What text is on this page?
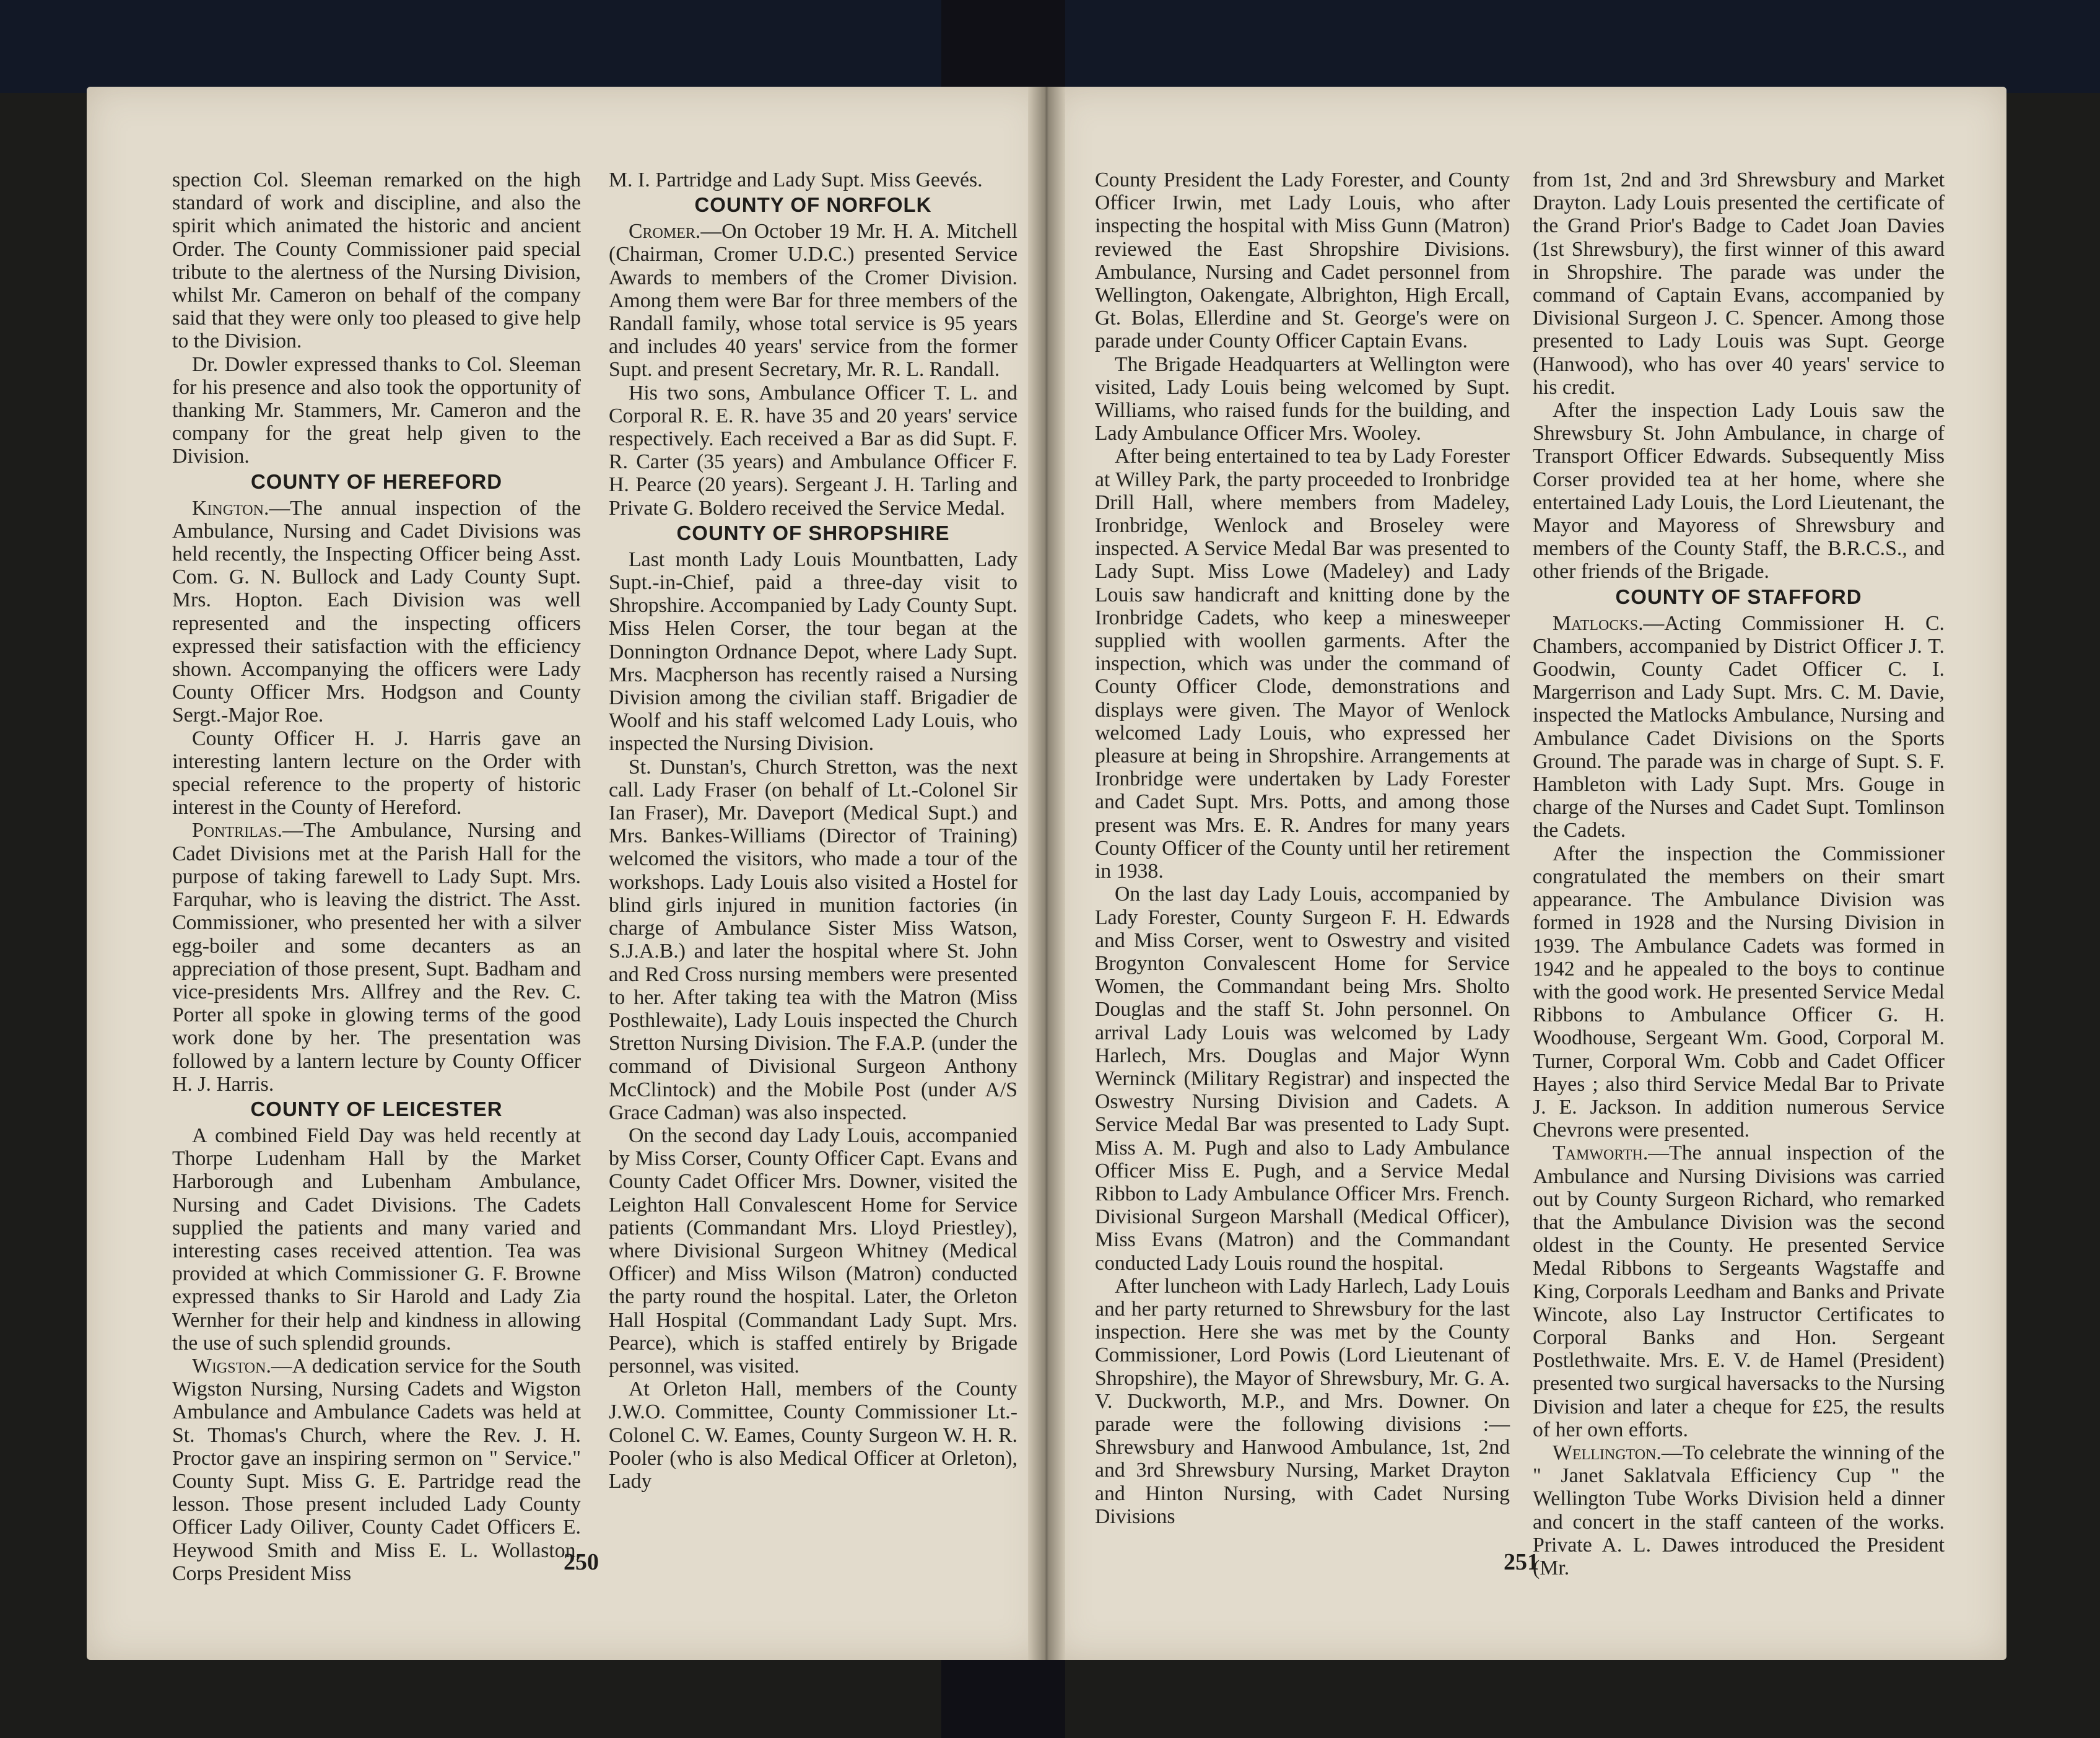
spection Col. Sleeman remarked on the high standard of work and discipline, and also the spirit which animated the historic and ancient Order. The County Commissioner paid special tribute to the alertness of the Nursing Division, whilst Mr. Cameron on behalf of the company said that they were only too pleased to give help to the Division.

Dr. Dowler expressed thanks to Col. Sleeman for his presence and also took the opportunity of thanking Mr. Stammers, Mr. Cameron and the company for the great help given to the Division.

COUNTY OF HEREFORD

Kington.—The annual inspection of the Ambulance, Nursing and Cadet Divisions was held recently, the Inspecting Officer being Asst. Com. G. N. Bullock and Lady County Supt. Mrs. Hopton. Each Division was well represented and the inspecting officers expressed their satisfaction with the efficiency shown. Accompanying the officers were Lady County Officer Mrs. Hodgson and County Sergt.-Major Roe.

County Officer H. J. Harris gave an interesting lantern lecture on the Order with special reference to the property of historic interest in the County of Hereford.

Pontrilas.—The Ambulance, Nursing and Cadet Divisions met at the Parish Hall for the purpose of taking farewell to Lady Supt. Mrs. Farquhar, who is leaving the district. The Asst. Commissioner, who presented her with a silver egg-boiler and some decanters as an appreciation of those present, Supt. Badham and vice-presidents Mrs. Allfrey and the Rev. C. Porter all spoke in glowing terms of the good work done by her. The presentation was followed by a lantern lecture by County Officer H. J. Harris.

COUNTY OF LEICESTER

A combined Field Day was held recently at Thorpe Ludenham Hall by the Market Harborough and Lubenham Ambulance, Nursing and Cadet Divisions. The Cadets supplied the patients and many varied and interesting cases received attention. Tea was provided at which Commissioner G. F. Browne expressed thanks to Sir Harold and Lady Zia Wernher for their help and kindness in allowing the use of such splendid grounds.

Wigston.—A dedication service for the South Wigston Nursing, Nursing Cadets and Wigston Ambulance and Ambulance Cadets was held at St. Thomas's Church, where the Rev. J. H. Proctor gave an inspiring sermon on " Service." County Supt. Miss G. E. Partridge read the lesson. Those present included Lady County Officer Lady Oiliver, County Cadet Officers E. Heywood Smith and Miss E. L. Wollaston, Corps President Miss

M. I. Partridge and Lady Supt. Miss Geevés.

COUNTY OF NORFOLK

Cromer.—On October 19 Mr. H. A. Mitchell (Chairman, Cromer U.D.C.) presented Service Awards to members of the Cromer Division. Among them were Bar for three members of the Randall family, whose total service is 95 years and includes 40 years' service from the former Supt. and present Secretary, Mr. R. L. Randall.

His two sons, Ambulance Officer T. L. and Corporal R. E. R. have 35 and 20 years' service respectively. Each received a Bar as did Supt. F. R. Carter (35 years) and Ambulance Officer F. H. Pearce (20 years). Sergeant J. H. Tarling and Private G. Boldero received the Service Medal.

COUNTY OF SHROPSHIRE

Last month Lady Louis Mountbatten, Lady Supt.-in-Chief, paid a three-day visit to Shropshire. Accompanied by Lady County Supt. Miss Helen Corser, the tour began at the Donnington Ordnance Depot, where Lady Supt. Mrs. Macpherson has recently raised a Nursing Division among the civilian staff. Brigadier de Woolf and his staff welcomed Lady Louis, who inspected the Nursing Division.

St. Dunstan's, Church Stretton, was the next call. Lady Fraser (on behalf of Lt.-Colonel Sir Ian Fraser), Mr. Daveport (Medical Supt.) and Mrs. Bankes-Williams (Director of Training) welcomed the visitors, who made a tour of the workshops. Lady Louis also visited a Hostel for blind girls injured in munition factories (in charge of Ambulance Sister Miss Watson, S.J.A.B.) and later the hospital where St. John and Red Cross nursing members were presented to her. After taking tea with the Matron (Miss Posthlewaite), Lady Louis inspected the Church Stretton Nursing Division. The F.A.P. (under the command of Divisional Surgeon Anthony McClintock) and the Mobile Post (under A/S Grace Cadman) was also inspected.

On the second day Lady Louis, accompanied by Miss Corser, County Officer Capt. Evans and County Cadet Officer Mrs. Downer, visited the Leighton Hall Convalescent Home for Service patients (Commandant Mrs. Lloyd Priestley), where Divisional Surgeon Whitney (Medical Officer) and Miss Wilson (Matron) conducted the party round the hospital. Later, the Orleton Hall Hospital (Commandant Lady Supt. Mrs. Pearce), which is staffed entirely by Brigade personnel, was visited.

At Orleton Hall, members of the County J.W.O. Committee, County Commissioner Lt.-Colonel C. W. Eames, County Surgeon W. H. R. Pooler (who is also Medical Officer at Orleton), Lady

County President the Lady Forester, and County Officer Irwin, met Lady Louis, who after inspecting the hospital with Miss Gunn (Matron) reviewed the East Shropshire Divisions. Ambulance, Nursing and Cadet personnel from Wellington, Oakengate, Albrighton, High Ercall, Gt. Bolas, Ellerdine and St. George's were on parade under County Officer Captain Evans.

The Brigade Headquarters at Wellington were visited, Lady Louis being welcomed by Supt. Williams, who raised funds for the building, and Lady Ambulance Officer Mrs. Wooley.

After being entertained to tea by Lady Forester at Willey Park, the party proceeded to Ironbridge Drill Hall, where members from Madeley, Ironbridge, Wenlock and Broseley were inspected. A Service Medal Bar was presented to Lady Supt. Miss Lowe (Madeley) and Lady Louis saw handicraft and knitting done by the Ironbridge Cadets, who keep a minesweeper supplied with woollen garments. After the inspection, which was under the command of County Officer Clode, demonstrations and displays were given. The Mayor of Wenlock welcomed Lady Louis, who expressed her pleasure at being in Shropshire. Arrangements at Ironbridge were undertaken by Lady Forester and Cadet Supt. Mrs. Potts, and among those present was Mrs. E. R. Andres for many years County Officer of the County until her retirement in 1938.

On the last day Lady Louis, accompanied by Lady Forester, County Surgeon F. H. Edwards and Miss Corser, went to Oswestry and visited Brogynton Convalescent Home for Service Women, the Commandant being Mrs. Sholto Douglas and the staff St. John personnel. On arrival Lady Louis was welcomed by Lady Harlech, Mrs. Douglas and Major Wynn Werninck (Military Registrar) and inspected the Oswestry Nursing Division and Cadets. A Service Medal Bar was presented to Lady Supt. Miss A. M. Pugh and also to Lady Ambulance Officer Miss E. Pugh, and a Service Medal Ribbon to Lady Ambulance Officer Mrs. French. Divisional Surgeon Marshall (Medical Officer), Miss Evans (Matron) and the Commandant conducted Lady Louis round the hospital.

After luncheon with Lady Harlech, Lady Louis and her party returned to Shrewsbury for the last inspection. Here she was met by the County Commissioner, Lord Powis (Lord Lieutenant of Shropshire), the Mayor of Shrewsbury, Mr. G. A. V. Duckworth, M.P., and Mrs. Downer. On parade were the following divisions :—Shrewsbury and Hanwood Ambulance, 1st, 2nd and 3rd Shrewsbury Nursing, Market Drayton and Hinton Nursing, with Cadet Nursing Divisions

from 1st, 2nd and 3rd Shrewsbury and Market Drayton. Lady Louis presented the certificate of the Grand Prior's Badge to Cadet Joan Davies (1st Shrewsbury), the first winner of this award in Shropshire. The parade was under the command of Captain Evans, accompanied by Divisional Surgeon J. C. Spencer. Among those presented to Lady Louis was Supt. George (Hanwood), who has over 40 years' service to his credit.

After the inspection Lady Louis saw the Shrewsbury St. John Ambulance, in charge of Transport Officer Edwards. Subsequently Miss Corser provided tea at her home, where she entertained Lady Louis, the Lord Lieutenant, the Mayor and Mayoress of Shrewsbury and members of the County Staff, the B.R.C.S., and other friends of the Brigade.

COUNTY OF STAFFORD

Matlocks.—Acting Commissioner H. C. Chambers, accompanied by District Officer J. T. Goodwin, County Cadet Officer C. I. Margerrison and Lady Supt. Mrs. C. M. Davie, inspected the Matlocks Ambulance, Nursing and Ambulance Cadet Divisions on the Sports Ground. The parade was in charge of Supt. S. F. Hambleton with Lady Supt. Mrs. Gouge in charge of the Nurses and Cadet Supt. Tomlinson the Cadets.

After the inspection the Commissioner congratulated the members on their smart appearance. The Ambulance Division was formed in 1928 and the Nursing Division in 1939. The Ambulance Cadets was formed in 1942 and he appealed to the boys to continue with the good work. He presented Service Medal Ribbons to Ambulance Officer G. H. Woodhouse, Sergeant Wm. Good, Corporal M. Turner, Corporal Wm. Cobb and Cadet Officer Hayes ; also third Service Medal Bar to Private J. E. Jackson. In addition numerous Service Chevrons were presented.

Tamworth.—The annual inspection of the Ambulance and Nursing Divisions was carried out by County Surgeon Richard, who remarked that the Ambulance Division was the second oldest in the County. He presented Service Medal Ribbons to Sergeants Wagstaffe and King, Corporals Leedham and Banks and Private Wincote, also Lay Instructor Certificates to Corporal Banks and Hon. Sergeant Postlethwaite. Mrs. E. V. de Hamel (President) presented two surgical haversacks to the Nursing Division and later a cheque for £25, the results of her own efforts.

Wellington.—To celebrate the winning of the " Janet Saklatvala Efficiency Cup " the Wellington Tube Works Division held a dinner and concert in the staff canteen of the works. Private A. L. Dawes introduced the President (Mr.

250	251
